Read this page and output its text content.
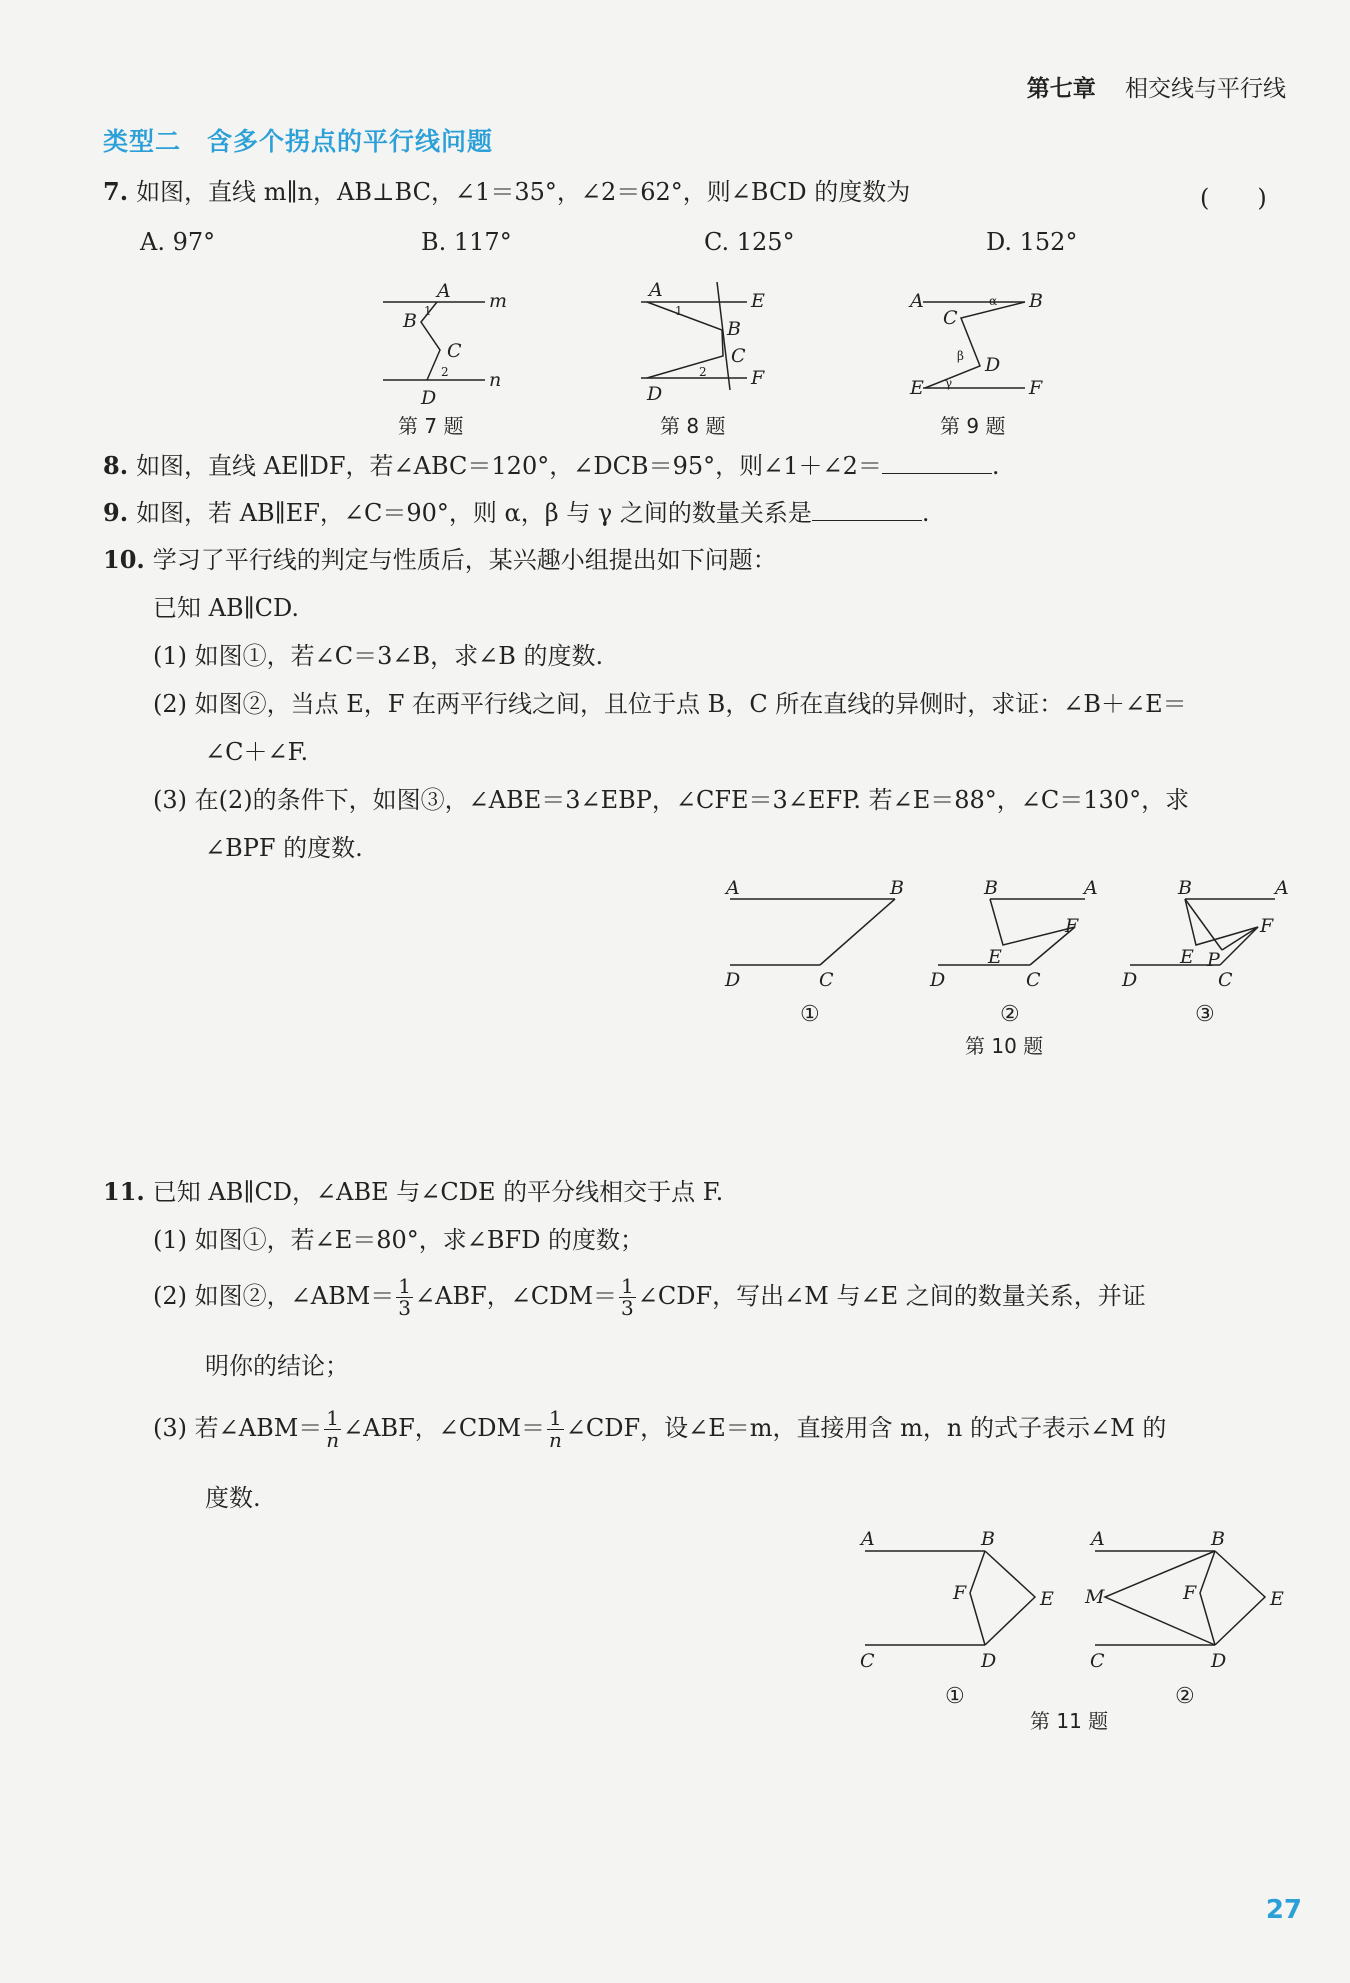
第七章 相交线与平行线
类型二　含多个拐点的平行线问题
7. 如图，直线 m∥n，AB⊥BC，∠1＝35°，∠2＝62°，则∠BCD 的度数为	(　　)
A. 97°	B. 117°	C. 125°	D. 152°
A m
B
C
n
D
1
2
第 7 题
A	E
B
C
F
D
1
2
第 8 题
A	B
C
D
E	F
α
β
γ
第 9 题
8. 如图，直线 AE∥DF，若∠ABC＝120°，∠DCB＝95°，则∠1＋∠2＝	.
9. 如图，若 AB∥EF，∠C＝90°，则 α，β 与 γ 之间的数量关系是	.
10. 学习了平行线的判定与性质后，某兴趣小组提出如下问题：
已知 AB∥CD.
(1) 如图①，若∠C＝3∠B，求∠B 的度数.
(2) 如图②，当点 E，F 在两平行线之间，且位于点 B，C 所在直线的异侧时，求证：∠B＋∠E＝
∠C＋∠F.
(3) 在(2)的条件下，如图③，∠ABE＝3∠EBP，∠CFE＝3∠EFP. 若∠E＝88°，∠C＝130°，求
∠BPF 的度数.
A	B
D	C
①
B	A
F
E
D	C
②
B	A
F
E P
D	C
③
第 10 题
11. 已知 AB∥CD，∠ABE 与∠CDE 的平分线相交于点 F.
(1) 如图①，若∠E＝80°，求∠BFD 的度数；
(2) 如图②，∠ABM＝ $\frac{1}{3}$ ∠ABF，∠CDM＝ $\frac{1}{3}$ ∠CDF，写出∠M 与∠E 之间的数量关系，并证
明你的结论；
(3) 若∠ABM＝ $\frac{1}{n}$ ∠ABF，∠CDM＝ $\frac{1}{n}$ ∠CDF，设∠E＝m，直接用含 m，n 的式子表示∠M 的
度数.
A	B
F	E
C	D
①
A	B
M	F	E
C	D
②
第 11 题
27
